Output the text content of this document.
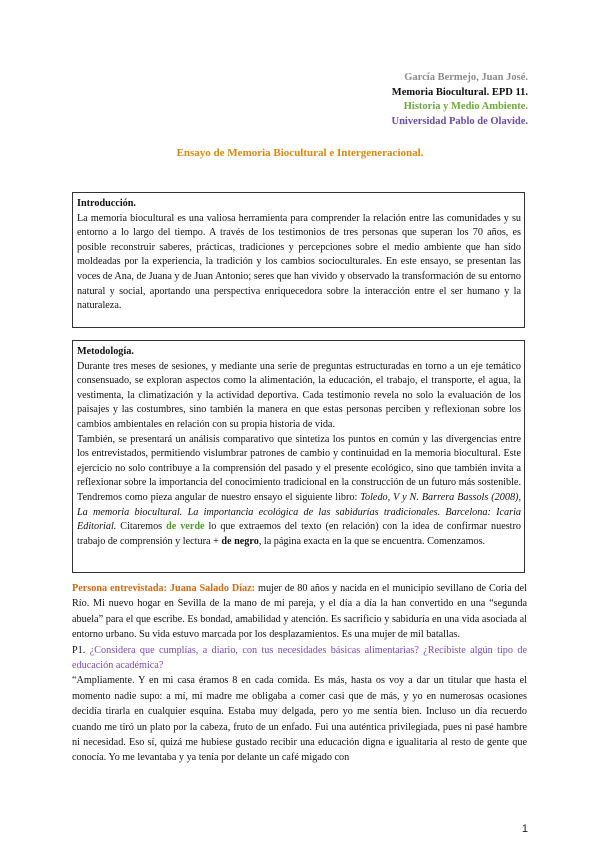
García Bermejo, Juan José.
Memoria Biocultural. EPD 11.
Historia y Medio Ambiente.
Universidad Pablo de Olavide.
Ensayo de Memoria Biocultural e Intergeneracional.
Introducción.

La memoria biocultural es una valiosa herramienta para comprender la relación entre las comunidades y su entorno a lo largo del tiempo. A través de los testimonios de tres personas que superan los 70 años, es posible reconstruir saberes, prácticas, tradiciones y percepciones sobre el medio ambiente que han sido moldeadas por la experiencia, la tradición y los cambios socioculturales. En este ensayo, se presentan las voces de Ana, de Juana y de Juan Antonio; seres que han vivido y observado la transformación de su entorno natural y social, aportando una perspectiva enriquecedora sobre la interacción entre el ser humano y la naturaleza.

Metodología.

Durante tres meses de sesiones, y mediante una serie de preguntas estructuradas en torno a un eje temático consensuado, se exploran aspectos como la alimentación, la educación, el trabajo, el transporte, el agua, la vestimenta, la climatización y la actividad deportiva. Cada testimonio revela no solo la evaluación de los paisajes y las costumbres, sino también la manera en que estas personas perciben y reflexionan sobre los cambios ambientales en relación con su propia historia de vida.

También, se presentará un análisis comparativo que sintetiza los puntos en común y las divergencias entre los entrevistados, permitiendo vislumbrar patrones de cambio y continuidad en la memoria biocultural. Este ejercicio no solo contribuye a la comprensión del pasado y el presente ecológico, sino que también invita a reflexionar sobre la importancia del conocimiento tradicional en la construcción de un futuro más sostenible. Tendremos como pieza angular de nuestro ensayo el siguiente libro: Toledo, V y N. Barrera Bassols (2008), La memoria biocultural. La importancia ecológica de las sabidurías tradicionales. Barcelona: Icaria Editorial. Citaremos de verde lo que extraemos del texto (en relación) con la idea de confirmar nuestro trabajo de comprensión y lectura + de negro, la página exacta en la que se encuentra. Comenzamos.

Persona entrevistada: Juana Salado Díaz: mujer de 80 años y nacida en el municipio sevillano de Coria del Río. Mi nuevo hogar en Sevilla de la mano de mi pareja, y el día a día la han convertido en una “segunda abuela” para el que escribe. Es bondad, amabilidad y atención. Es sacrificio y sabiduría en una vida asociada al entorno urbano. Su vida estuvo marcada por los desplazamientos. Es una mujer de mil batallas.

P1. ¿Considera que cumplías, a diario, con tus necesidades básicas alimentarias? ¿Recibiste algún tipo de educación académica?

“Ampliamente. Y en mi casa éramos 8 en cada comida. Es más, hasta os voy a dar un titular que hasta el momento nadie supo: a mí, mi madre me obligaba a comer casi que de más, y yo en numerosas ocasiones decidía tirarla en cualquier esquina. Estaba muy delgada, pero yo me sentía bien. Incluso un día recuerdo cuando me tiró un plato por la cabeza, fruto de un enfado. Fui una auténtica privilegiada, pues ni pasé hambre ni necesidad. Eso sí, quizá me hubiese gustado recibir una educación digna e igualitaria al resto de gente que conocía. Yo me levantaba y ya tenía por delante un café migado con

1
